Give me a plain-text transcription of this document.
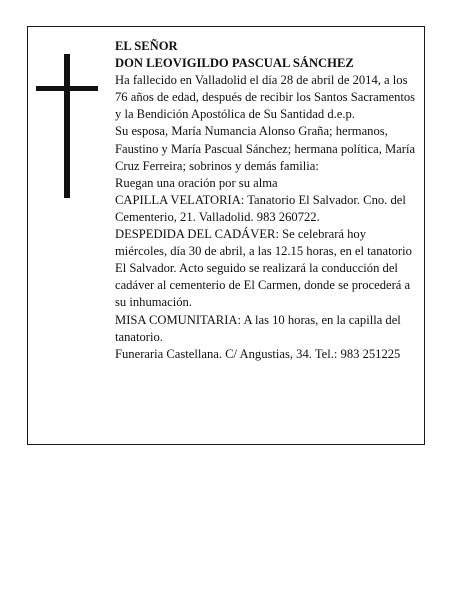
EL SEÑOR

DON LEOVIGILDO PASCUAL SÁNCHEZ

Ha fallecido en Valladolid el día 28 de abril de 2014, a los 76 años de edad, después de recibir los Santos Sacramentos y la Bendición Apostólica de Su Santidad d.e.p.

Su esposa, María Numancia Alonso Graña; hermanos, Faustino y María Pascual Sánchez; hermana política, María Cruz Ferreira; sobrinos y demás familia:

Ruegan una oración por su alma

CAPILLA VELATORIA: Tanatorio El Salvador. Cno. del Cementerio, 21. Valladolid. 983 260722.

DESPEDIDA DEL CADÁVER: Se celebrará hoy miércoles, día 30 de abril, a las 12.15 horas, en el tanatorio El Salvador. Acto seguido se realizará la conducción del cadáver al cementerio de El Carmen, donde se procederá a su inhumación.

MISA COMUNITARIA: A las 10 horas, en la capilla del tanatorio.

Funeraria Castellana. C/ Angustias, 34. Tel.: 983 251225
